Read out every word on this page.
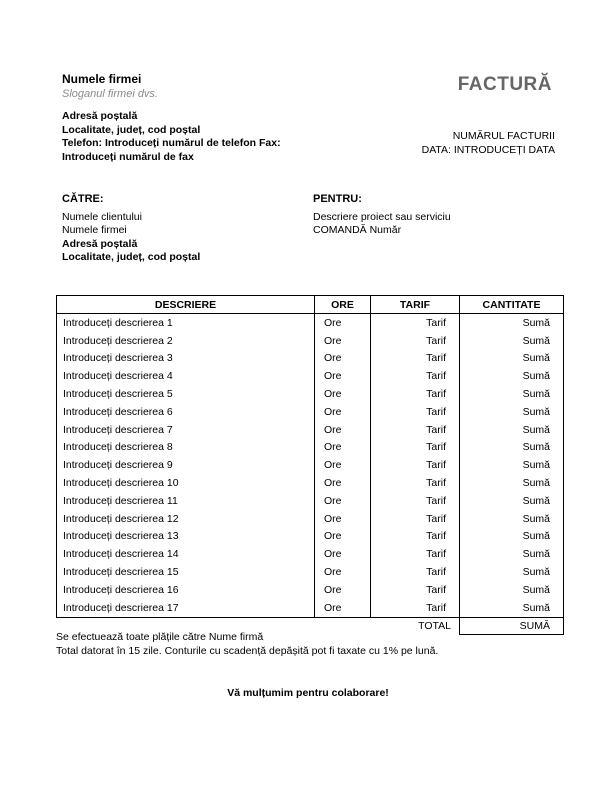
Numele firmei
Sloganul firmei dvs.	FACTURĂ
Adresă poștală
Localitate, județ, cod poștal
Telefon: Introduceți numărul de telefon Fax:
Introduceți numărul de fax
NUMĂRUL FACTURII
DATA: INTRODUCEȚI DATA
CĂTRE:
Numele clientului
Numele firmei
Adresă poștală
Localitate, județ, cod poștal
PENTRU:
Descriere proiect sau serviciu
COMANDĂ Număr
DESCRIERE	ORE	TARIF	CANTITATE
Introduceți descrierea 1	Ore	Tarif	Sumă
Introduceți descrierea 2	Ore	Tarif	Sumă
Introduceți descrierea 3	Ore	Tarif	Sumă
Introduceți descrierea 4	Ore	Tarif	Sumă
Introduceți descrierea 5	Ore	Tarif	Sumă
Introduceți descrierea 6	Ore	Tarif	Sumă
Introduceți descrierea 7	Ore	Tarif	Sumă
Introduceți descrierea 8	Ore	Tarif	Sumă
Introduceți descrierea 9	Ore	Tarif	Sumă
Introduceți descrierea 10	Ore	Tarif	Sumă
Introduceți descrierea 11	Ore	Tarif	Sumă
Introduceți descrierea 12	Ore	Tarif	Sumă
Introduceți descrierea 13	Ore	Tarif	Sumă
Introduceți descrierea 14	Ore	Tarif	Sumă
Introduceți descrierea 15	Ore	Tarif	Sumă
Introduceți descrierea 16	Ore	Tarif	Sumă
Introduceți descrierea 17	Ore	Tarif	Sumă
		TOTAL	SUMĂ
Se efectuează toate plățile către Nume firmă
Total datorat în 15 zile. Conturile cu scadență depășită pot fi taxate cu 1% pe lună.
Vă mulțumim pentru colaborare!
